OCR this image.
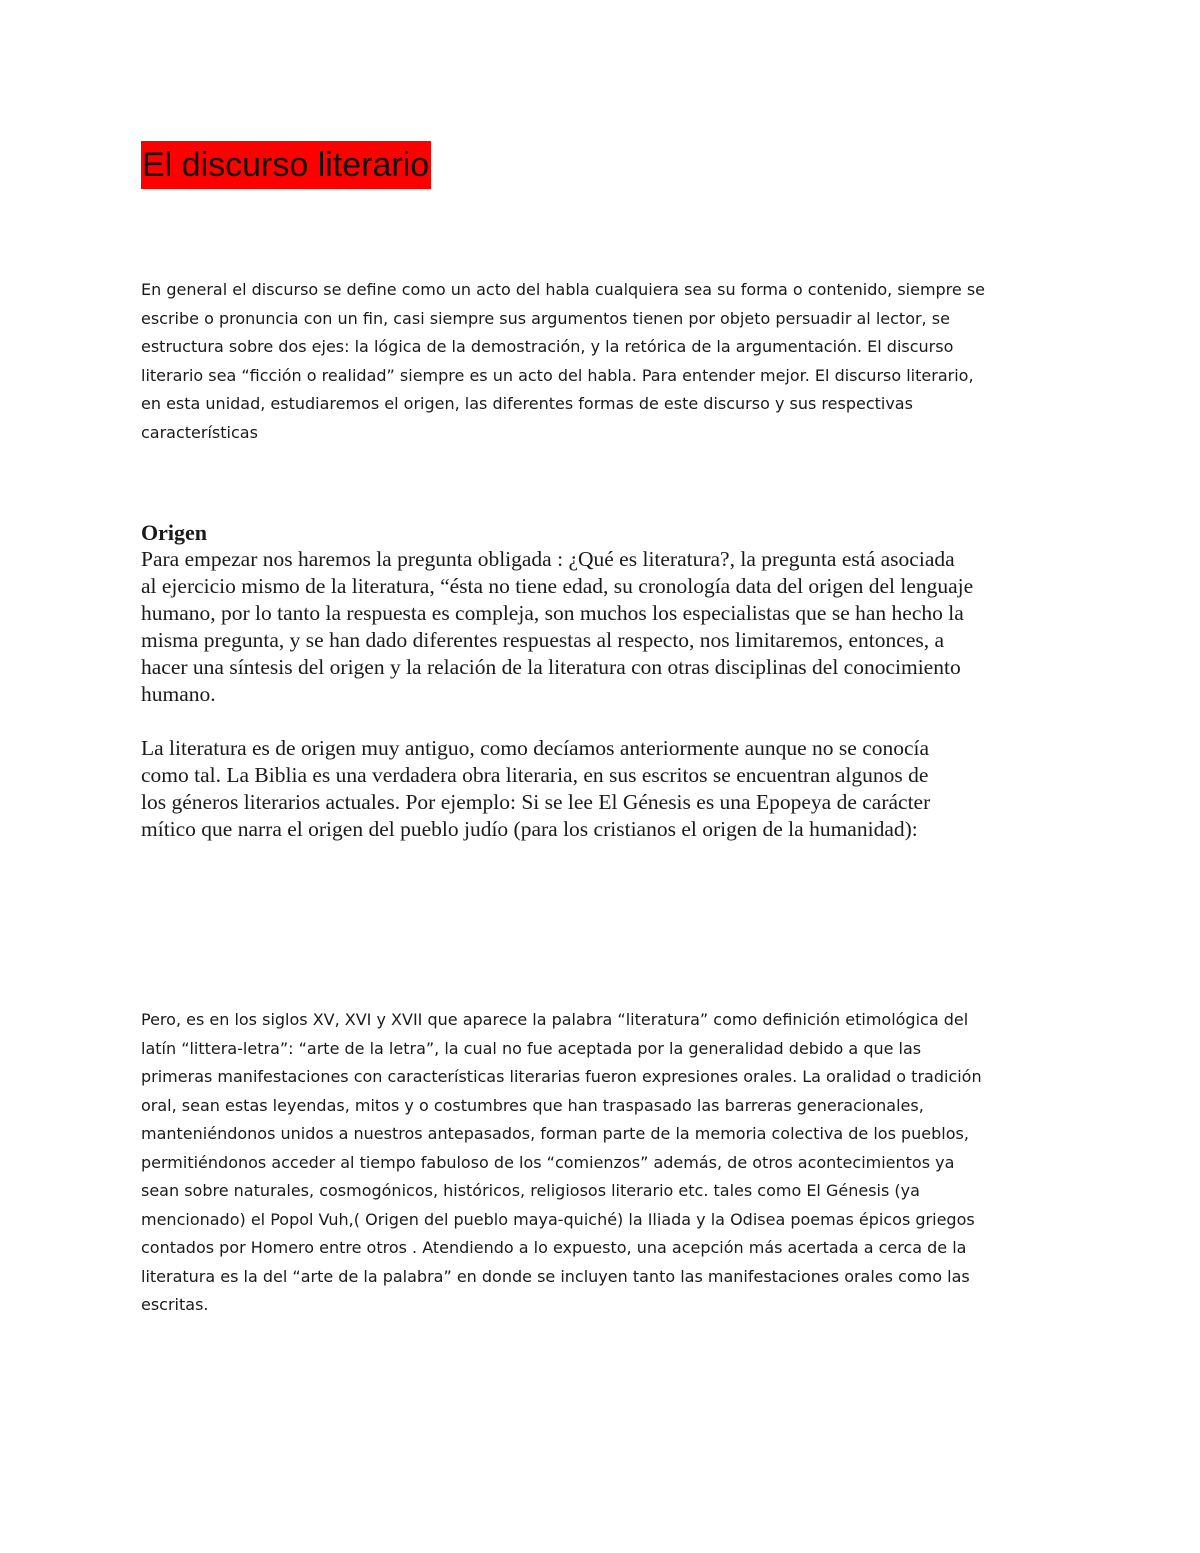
El discurso literario
En general el discurso se define como un acto del habla cualquiera sea su forma o contenido, siempre se
escribe o pronuncia con un fin, casi siempre sus argumentos tienen por objeto persuadir al lector, se
estructura sobre dos ejes: la lógica de la demostración, y la retórica de la argumentación. El discurso
literario sea “ficción o realidad” siempre es un acto del habla. Para entender mejor. El discurso literario,
en esta unidad, estudiaremos el origen, las diferentes formas de este discurso y sus respectivas
características
Origen
Para empezar nos haremos la pregunta obligada : ¿Qué es literatura?, la pregunta está asociada
al ejercicio mismo de la literatura, “ésta no tiene edad, su cronología data del origen del lenguaje
humano, por lo tanto la respuesta es compleja, son muchos los especialistas que se han hecho la
misma pregunta, y se han dado diferentes respuestas al respecto, nos limitaremos, entonces, a
hacer una síntesis del origen y la relación de la literatura con otras disciplinas del conocimiento
humano.
La literatura es de origen muy antiguo, como decíamos anteriormente aunque no se conocía
como tal. La Biblia es una verdadera obra literaria, en sus escritos se encuentran algunos de
los géneros literarios actuales. Por ejemplo: Si se lee El Génesis es una Epopeya de carácter
mítico que narra el origen del pueblo judío (para los cristianos el origen de la humanidad):
Pero, es en los siglos XV, XVI y XVII que aparece la palabra “literatura” como definición etimológica del
latín “littera-letra”: “arte de la letra”, la cual no fue aceptada por la generalidad debido a que las
primeras manifestaciones con características literarias fueron expresiones orales. La oralidad o tradición
oral, sean estas leyendas, mitos y o costumbres que han traspasado las barreras generacionales,
manteniéndonos unidos a nuestros antepasados, forman parte de la memoria colectiva de los pueblos,
permitiéndonos acceder al tiempo fabuloso de los “comienzos” además, de otros acontecimientos ya
sean sobre naturales, cosmogónicos, históricos, religiosos literario etc. tales como El Génesis (ya
mencionado) el Popol Vuh,( Origen del pueblo maya-quiché) la Iliada y la Odisea poemas épicos griegos
contados por Homero entre otros . Atendiendo a lo expuesto, una acepción más acertada a cerca de la
literatura es la del “arte de la palabra” en donde se incluyen tanto las manifestaciones orales como las
escritas.
